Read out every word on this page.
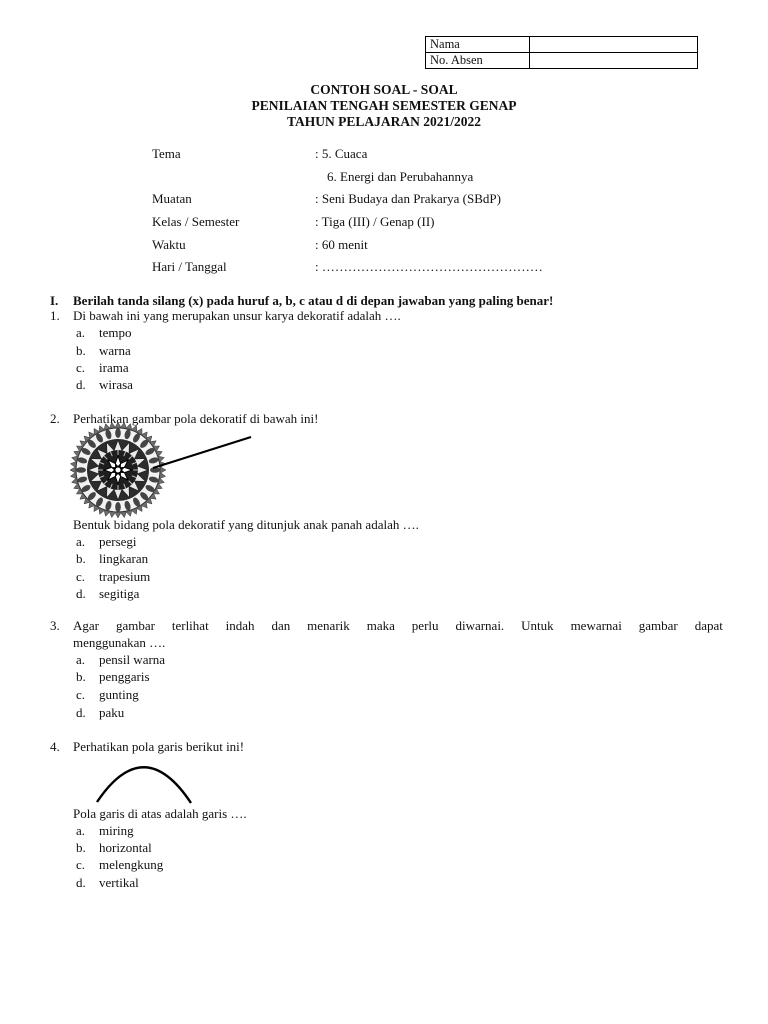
Nama	
No. Absen	
CONTOH SOAL - SOAL
PENILAIAN TENGAH SEMESTER GENAP
TAHUN PELAJARAN 2021/2022
Tema	: 5. Cuaca
6. Energi dan Perubahannya
Muatan	: Seni Budaya dan Prakarya (SBdP)
Kelas / Semester	: Tiga (III) / Genap (II)
Waktu	: 60 menit
Hari / Tanggal	: ……………………………………………
I. Berilah tanda silang (x) pada huruf a, b, c atau d di depan jawaban yang paling benar!
1. Di bawah ini yang merupakan unsur karya dekoratif adalah ….
a. tempo
b. warna
c. irama
d. wirasa
2. Perhatikan gambar pola dekoratif di bawah ini!
Bentuk bidang pola dekoratif yang ditunjuk anak panah adalah ….
a. persegi
b. lingkaran
c. trapesium
d. segitiga
3. Agar gambar terlihat indah dan menarik maka perlu diwarnai. Untuk mewarnai gambar dapat
menggunakan ….
a. pensil warna
b. penggaris
c. gunting
d. paku
4. Perhatikan pola garis berikut ini!
Pola garis di atas adalah garis ….
a. miring
b. horizontal
c. melengkung
d. vertikal
